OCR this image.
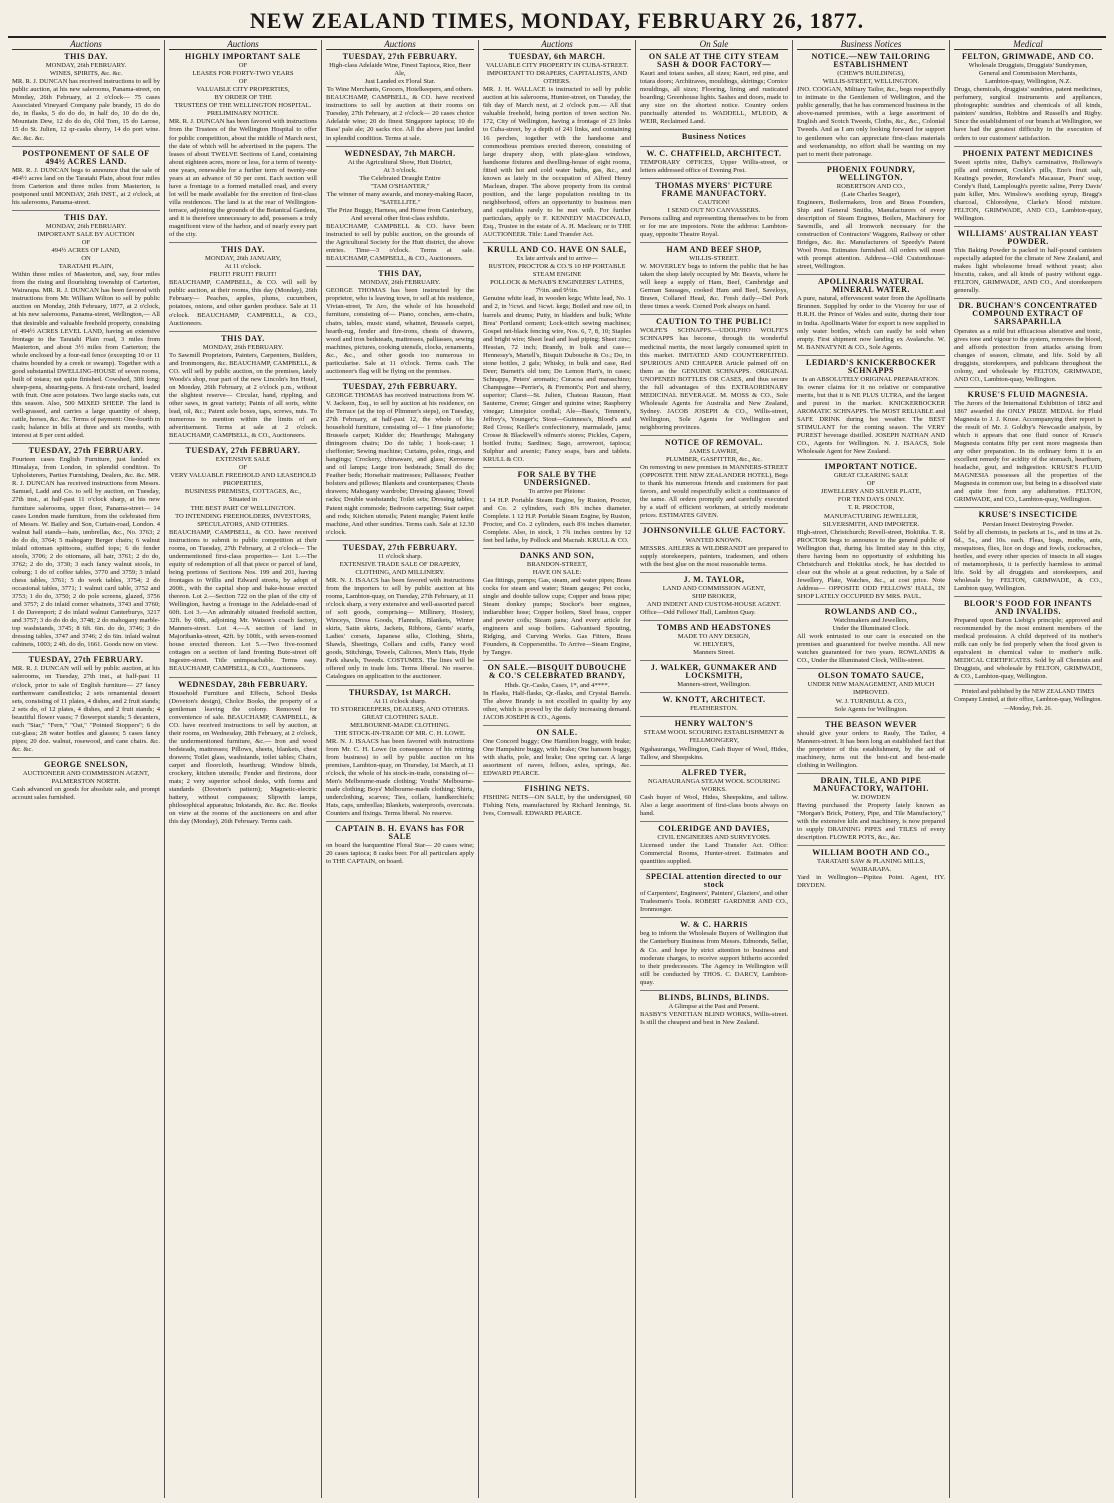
NEW ZEALAND TIMES, MONDAY, FEBRUARY 26, 1877.
Auctions
THIS DAY.
MONDAY, 26th FEBRUARY.
WINES, SPIRITS, &c. &c.
MR. R. J. DUNCAN has received instructions to sell by public auction, at his new salerooms, Panama-street, on Monday, 26th February, at 2 o'clock— 75 cases Associated Vineyard Company pale brandy, 15 do do do, in flasks, 5 do do do, in half do, 10 do do do, Mountain Dew, 12 do do do, Old Tom, 15 do Larose, 15 do St. Julien, 12 qr-casks sherry, 14 do port wine. &c. &c. &c.
POSTPONEMENT OF SALE OF 494½ ACRES LAND.
MR. R. J. DUNCAN begs to announce that the sale of 494½ acres land on the Taratahi Plain, about four miles from Carterton and three miles from Masterton, is postponed until MONDAY, 26th INST., at 2 o'clock, at his salerooms, Panama-street.
THIS DAY.
MONDAY, 26th FEBRUARY.
IMPORTANT SALE BY AUCTION
OF
494½ ACRES OF LAND,
ON
TARATAHI PLAIN,
Within three miles of Masterton, and, say, four miles from the rising and flourishing township of Carterton, Wairarapa. MR. R. J. DUNCAN has been favored with instructions from Mr. William Wilton to sell by public auction on Monday, 26th February, 1877, at 2 o'clock, at his new salerooms, Panama-street, Wellington,— All that desirable and valuable freehold property, consisting of 494½ ACRES LEVEL LAND, having an extensive frontage to the Taratahi Plain road, 3 miles from Masterton, and about 3½ miles from Carterton; the whole enclosed by a four-rail fence (excepting 10 or 11 chains bounded by a creek or swamp). Together with a good substantial DWELLING-HOUSE of seven rooms, built of totara; not quite finished. Cowshed, 30ft long; sheep-pens, shearing-pens. A first-rate orchard, loaded with fruit. One acre potatoes. Two large stacks oats, cut this season. Also, 500 MIXED SHEEP. The land is well-grassed, and carries a large quantity of sheep, cattle, horses, &c. &c. Terms of payment: One-fourth in cash; balance in bills at three and six months, with interest at 8 per cent added.
TUESDAY, 27th FEBRUARY.
Fourteen cases English Furniture, just landed ex Himalaya, from London, in splendid condition. To Upholsterers, Parties Furnishing, Dealers, &c. &c. MR. R. J. DUNCAN has received instructions from Messrs. Samuel, Ladd and Co. to sell by auction, on Tuesday, 27th inst., at half-past 11 o'clock sharp, at his new furniture salerooms, upper floor, Panama-street— 14 cases London made furniture, from the celebrated firm of Messrs. W. Bailey and Son, Curtain-road, London. 4 walnut hall stands—hats, umbrellas, &c., No. 3763; 2 do do do, 3764; 5 mahogany Berger chairs; 6 walnut inlaid ottoman spittoons, stuffed tops; 6 do fender stools, 3706; 2 do ottomans, all hair, 3761; 2 do do, 3762; 2 do do, 3730; 3 each fancy walnut stools, in coburg; 1 do of coffee tables, 3770 and 3759; 3 inlaid chess tables, 3761; 5 do work tables, 3754; 2 do occasional tables, 3771; 1 walnut card table, 3752 and 3753; 1 do do, 3750; 2 do pole screens, glazed, 3756 and 3757; 2 do inlaid corner whatnots, 3743 and 3760; 1 do Davenport; 2 do inlaid walnut Canterburys, 3217 and 3757; 3 do do do do, 3748; 2 do mahogany marble-top washstands, 3745; 8 6ft. 6in. do do, 3746; 3 do dressing tables, 3747 and 3746; 2 do 6in. inlaid walnut cabinets, 1003; 2 4ft. do do, 1661. Goods now on view.
TUESDAY, 27th FEBRUARY.
MR. R. J. DUNCAN will sell by public auction, at his salerooms, on Tuesday, 27th inst., at half-past 11 o'clock, prior to sale of English furniture— 27 fancy earthenware candlesticks; 2 sets ornamental dessert sets, consisting of 11 plates, 4 dishes, and 2 fruit stands; 2 sets do, of 12 plates, 4 dishes, and 2 fruit stands; 4 beautiful flower vases; 7 flowerpot stands; 5 decanters, each "Star," "Fern," "Oat," "Pointed Stoppers"; 6 do cut-glass; 28 water bottles and glasses; 5 cases fancy pipes; 20 doz. walnut, rosewood, and cane chairs. &c. &c. &c.
GEORGE SNELSON,
AUCTIONEER AND COMMISSION AGENT,
PALMERSTON NORTH.
Cash advanced on goods for absolute sale, and prompt account sales furnished.
Auctions
HIGHLY IMPORTANT SALE
OF
LEASES FOR FORTY-TWO YEARS
OF
VALUABLE CITY PROPERTIES,
BY ORDER OF THE
TRUSTEES OF THE WELLINGTON HOSPITAL.
PRELIMINARY NOTICE.
MR. R. J. DUNCAN has been favored with instructions from the Trustees of the Wellington Hospital to offer for public competition, about the middle of March next, the date of which will be advertised in the papers. The leases of about TWELVE Sections of Land, containing about eighteen acres, more or less, for a term of twenty-one years, renewable for a further term of twenty-one years at an advance of 50 per cent. Each section will have a frontage to a formed metalled road, and every lot will be made available for the erection of first-class villa residences. The land is at the rear of Wellington-terrace, adjoining the grounds of the Botanical Gardens, and it is therefore unnecessary to add, possesses a truly magnificent view of the harbor, and of nearly every part of the city.
THIS DAY.
MONDAY, 26th JANUARY,
At 11 o'clock.
FRUIT! FRUIT! FRUIT!
BEAUCHAMP, CAMPBELL, & CO. will sell by public auction, at their rooms, this day (Monday), 26th February— Peaches, apples, plums, cucumbers, potatoes, onions, and other garden produce. Sale at 11 o'clock. BEAUCHAMP, CAMPBELL, & CO., Auctioneers.
THIS DAY.
MONDAY, 26th FEBRUARY.
To Sawmill Proprietors, Painters, Carpenters, Builders, and Ironmongers, &c. BEAUCHAMP, CAMPBELL, & CO. will sell by public auction, on the premises, lately Woods's shop, rear part of the new Lincoln's Inn Hotel, on Monday, 26th February, at 2 o'clock p.m., without the slightest reserve— Circular, hand, rippling, and other saws, in great variety; Paints of all sorts, white lead, oil, &c.; Patent axle boxes, taps, screws, nuts. To numerous to mention within the limits of an advertisement. Terms at sale at 2 o'clock. BEAUCHAMP, CAMPBELL, & CO., Auctioneers.
TUESDAY, 27th FEBRUARY.
EXTENSIVE SALE
OF
VERY VALUABLE FREEHOLD AND LEASEHOLD PROPERTIES,
BUSINESS PREMISES, COTTAGES, &c.,
Situated in
THE BEST PART OF WELLINGTON.
TO INTENDING FREEHOLDERS, INVESTORS, SPECULATORS, AND OTHERS.
BEAUCHAMP, CAMPBELL, & CO. have received instructions to submit to public competition at their rooms, on Tuesday, 27th February, at 2 o'clock— The undermentioned first-class properties— Lot 1.—The equity of redemption of all that piece or parcel of land, being portions of Sections Nos. 199 and 201, having frontages to Willis and Edward streets, by adopt of 200ft., with the capital shop and bake-house erected thereon. Lot 2.—Section 722 on the plan of the city of Wellington, having a frontage to the Adelaide-road of 60ft. Lot 3.—An admirably situated freehold section, 32ft. by 60ft., adjoining Mr. Watson's coach factory, Manners-street. Lot 4.—A section of land in Majoribanks-street, 42ft. by 100ft., with seven-roomed house erected thereon. Lot 5.—Two five-roomed cottages on a section of land fronting Bute-street off Ingestre-street. Title unimpeachable. Terms easy. BEAUCHAMP, CAMPBELL, & CO., Auctioneers.
WEDNESDAY, 28th FEBRUARY.
Household Furniture and Effects, School Desks (Doveton's design), Cholce Books, the property of a gentleman leaving the colony. Removed for convenience of sale. BEAUCHAMP, CAMPBELL, & CO. have received instructions to sell by auction, at their rooms, on Wednesday, 28th February, at 2 o'clock, the undermentioned furniture, &c.— Iron and wood bedsteads, mattresses; Pillows, sheets, blankets, chest drawers; Toilet glass, washstands, toilet tables; Chairs, carpet and floorcloth, hearthrug; Window blinds, crockery, kitchen utensils; Fender and fireirons, door mats; 2 very superior school desks, with forms and standards (Doveton's pattern); Magnetic-electric battery, without compasses; Slipwith lamps, philosophical apparatus; Inkstands, &c. &c. &c. Books on view at the rooms of the auctioneers on and after this day (Monday), 26th February. Terms cash.
Auctions
TUESDAY, 27th FEBRUARY.
High-class Adelaide Wine, Finest Tapioca, Rice, Beer Ale,
Just Landed ex Floral Star.
To Wine Merchants, Grocers, Hotelkeepers, and others.
BEAUCHAMP, CAMPBELL, & CO. have received instructions to sell by auction at their rooms on Tuesday, 27th February, at 2 o'clock— 20 cases choice Adelaide wine; 20 do finest Singapore tapioca; 10 do Bass' pale ale; 20 sacks rice. All the above just landed in splendid condition. Terms at sale.
WEDNESDAY, 7th MARCH.
At the Agricultural Show, Hutt District,
At 3 o'clock.
The Celebrated Draught Entire
"TAM O'SHANTER,"
The winner of many awards, and money-making Racer,
"SATELLITE."
The Prize Buggy, Harness, and Horse from Canterbury,
And several other first-class exhibits.
BEAUCHAMP, CAMPBELL & CO. have been instructed to sell by public auction, on the grounds of the Agricultural Society for the Hutt district, the above entries. Time—3 o'clock. Terms at sale. BEAUCHAMP, CAMPBELL, & CO., Auctioneers.
THIS DAY,
MONDAY, 26th FEBRUARY.
GEORGE THOMAS has been instructed by the proprietor, who is leaving town, to sell at his residence, Vivian-street, Te Aro, the whole of his household furniture, consisting of— Piano, conches, arm-chairs, chairs, tables, music stand, whatnot, Brussels carpet, hearth-rug, fender and fire-irons, chests of drawers, wood and iron bedsteads, mattresses, palliasses, sewing machines, pictures, cooking utensils, clocks, ornaments, &c., &c., and other goods too numerous to particularise. Sale at 11 o'clock. Terms cash. The auctioneer's flag will be flying on the premises.
TUESDAY, 27th FEBRUARY.
GEORGE THOMAS has received instructions from W. V. Jackson, Esq., to sell by auction at his residence, on the Terrace (at the top of Plimmer's steps), on Tuesday, 27th February, at half-past 12, the whole of his household furniture, consisting of— 1 fine pianoforte; Brussels carpet; Kidder do; Hearthrugs; Mahogany diningroom chairs; Do do table; 1 book-case; 1 cheffonier; Sewing machine; Curtains, poles, rings, and hangings; Crockery, chinaware, and glass; Kerosene and oil lamps; Large iron bedsteads; Small do do; Feather beds; Horsehair mattresses; Palliasses; Feather bolsters and pillows; Blankets and counterpanes; Chests drawers; Mahogany wardrobe; Dressing glasses; Towel racks; Double washstands; Toilet sets; Dressing tables; Patent night commode; Bedroom carpeting; Stair carpet and rods; Kitchen utensils; Patent mangle; Patent knife machine, And other sundries. Terms cash. Sale at 12.30 o'clock.
TUESDAY, 27th FEBRUARY.
11 o'clock sharp.
EXTENSIVE TRADE SALE OF DRAPERY, CLOTHING, AND MILLINERY.
MR. N. J. ISAACS has been favored with instructions from the importers to sell by public auction at his rooms, Lambton-quay, on Tuesday, 27th February, at 11 o'clock sharp, a very extensive and well-assorted parcel of soft goods, comprising— Millinery, Hosiery, Winceys, Dress Goods, Flannels, Blankets, Winter skirts, Satin skirts, Jackets, Ribbons, Gents' scarfs, Ladies' corsets, Japanese silks, Clothing, Shirts, Shawls, Sheetings, Collars and cuffs, Fancy wool goods, Stitchings, Towels, Calicoes, Men's Hats, Hyde Park shawls, Tweeds. COSTUMES. The lines will be offered only in trade lots. Terms liberal. No reserve. Catalogues on application to the auctioneer.
THURSDAY, 1st MARCH.
At 11 o'clock sharp.
TO STOREKEEPERS, DEALERS, AND OTHERS.
GREAT CLOTHING SALE.
MELBOURNE-MADE CLOTHING.
THE STOCK-IN-TRADE OF MR. C. H. LOWE.
MR. N. J. ISAACS has been favored with instructions from Mr. C. H. Lowe (in consequence of his retiring from business) to sell by public auction on his premises, Lambton-quay, on Thursday, 1st March, at 11 o'clock, the whole of his stock-in-trade, consisting of— Men's Melbourne-made clothing; Youths' Melbourne-made clothing; Boys' Melbourne-made clothing; Shirts, underclothing, scarves; Ties, collars, handkerchiefs; Hats, caps, umbrellas; Blankets, waterproofs, overcoats. Counters and fixings. Terms liberal. No reserve.
CAPTAIN B. H. EVANS has FOR SALE
on board the barquentine Floral Star— 20 cases wine; 20 cases tapioca; 8 casks beer. For all particulars apply to THE CAPTAIN, on board.
Auctions
TUESDAY, 6th MARCH.
VALUABLE CITY PROPERTY IN CUBA-STREET.
IMPORTANT TO DRAPERS, CAPITALISTS, AND OTHERS.
MR. J. H. WALLACE is instructed to sell by public auction at his salerooms, Hunter-street, on Tuesday, the 6th day of March next, at 2 o'clock p.m.— All that valuable freehold, being portion of town section No. 172, City of Wellington, having a frontage of 23 links to Cuba-street, by a depth of 241 links, and containing 16 perches, together with the handsome and commodious premises erected thereon, consisting of large drapery shop, with plate-glass windows, handsome fixtures and dwelling-house of eight rooms, fitted with hot and cold water baths, gas, &c., and known as lately in the occupation of Alfred Henry Maclean, draper. The above property from its central position, and the large population residing in its neighborhood, offers an opportunity to business men and capitalists rarely to be met with. For further particulars, apply to F. KENNEDY MACDONALD, Esq., Trustee in the estate of A. H. Maclean; or to THE AUCTIONEER. Title: Land Transfer Act.
KRULL AND CO. HAVE ON SALE,
Ex late arrivals and to arrive—
RUSTON, PROCTOR & CO.'S 10 HP PORTABLE STEAM ENGINE
POLLOCK & McNAB'S ENGINEERS' LATHES, 7½in. and 9½in.
Genuine white lead, in wooden kegs; White lead, No. 1 and 2, in ½cwt. and ¼cwt. kegs; Boiled and raw oil, in barrels and drums; Putty, in bladders and bulk; White Brea' Portland cement; Lock-stitch sewing machines; Gospel net-black fencing wire, Nos. 6, 7, 8, 10; Staples and bright wire; Sheet lead and lead piping; Sheet zinc; Hessian, 72 inch; Brandy, in bulk and case—Hennessy's, Martell's, Bisquit Dubouche & Co.; Do, in stone bottles, 2 gals; Whisky, in bulk and case, Red Deer; Burnett's old tom; Do Lemon Hart's, in cases; Schnapps, Peters' aromatic; Curacoa and maraschino; Champagne—Perrier's, & Fremont's; Port and sherry, superior; Claret—St. Julien, Chateau Rauzan, Haut Sauterne, Creme; Ginger and quinine wine; Raspberry vinegar; Limejuice cordial; Ale—Bass's, Tennent's, Jeffrey's, Younger's; Stout—Guinness's, Blood's and Red Cross; Keiller's confectionery, marmalade, jams; Crosse & Blackwell's oilmen's stores; Pickles, Capers, bottled fruits; Sardines; Sago, arrowroot, tapioca; Sulphur and arsenic; Fancy soaps, bars and tablets. KRULL & CO.
FOR SALE BY THE UNDERSIGNED.
To arrive per Pleione:
1 14 H.P. Portable Steam Engine, by Ruston, Proctor, and Co. 2 cylinders, each 8⅜ inches diameter. Complete. 1 12 H.P. Portable Steam Engine, by Ruston, Proctor, and Co. 2 cylinders, each 8⅜ inches diameter. Complete. Also, in stock, 1 7¾ inches centres by 12 feet bed lathe, by Pollock and Macnab. KRULL & CO.
DANKS AND SON,
BRANDON-STREET,
HAVE ON SALE:
Gas fittings, pumps; Gas, steam, and water pipes; Brass cocks for steam and water; Steam gauges; Pet cocks, single and double tallow cups; Copper and brass pipe; Steam donkey pumps; Stockor's beer engines, indiarubber hose; Copper boilers, Steel brass, copper and pewter coils; Steam pans; And every article for engineers and soap boilers. Galvanised Spouting, Ridging, and Curving Works. Gas Fitters, Brass Founders, & Coppersmiths. To Arrive—Steam Engine, by Tangye.
ON SALE.—BISQUIT DUBOUCHE & CO.'S CELEBRATED BRANDY,
Hhds. Qr.-Casks, Cases, 1*, and 4****.
In Flasks, Half-flasks, Qr.-flasks, and Crystal Barrels. The above Brandy is not excelled in quality by any other, which is proved by the daily increasing demand. JACOB JOSEPH & CO., Agents.
ON SALE.
One Concord buggy; One Hamilton buggy, with brake; One Hampshire buggy, with brake; One hansom buggy, with shafts, pole, and brake; One spring car. A large assortment of naves, felloes, axles, springs, &c. EDWARD PEARCE.
FISHING NETS.
FISHING NETS—ON SALE, by the undersigned, 60 Fishing Nets, manufactured by Richard Jennings, St. Ives, Cornwall. EDWARD PEARCE.
On Sale
ON SALE AT THE CITY STEAM SASH & DOOR FACTORY—
Kauri and totara sashes, all sizes; Kauri, red pine, and totara doors; Architraves, mouldings, skirtings; Cornice mouldings, all sizes; Flooring, lining and rusticated boarding; Greenhouse lights. Sashes and doors, made to any size on the shortest notice. Country orders punctually attended to. WADDELL, M'LEOD, & WEIR, Reclaimed Land.
Business Notices
W. C. CHATFIELD, ARCHITECT.
TEMPORARY OFFICES, Upper Willis-street, or letters addressed office of Evening Post.
THOMAS MYERS' PICTURE FRAME MANUFACTORY.
CAUTION!
I SEND OUT NO CANVASSERS.
Persons calling and representing themselves to be from or for me are impostors. Note the address: Lambton-quay, opposite Theatre Royal.
HAM AND BEEF SHOP,
WILLIS-STREET.
W. MOVERLEY begs to inform the public that he has taken the shop lately occupied by Mr. Beavis, where he will keep a supply of Ham, Beef, Cambridge and German Sausages, cooked Ham and Beef, Saveloys, Brawn, Collared Head, &c. Fresh daily—Del Pork three times a week. Corned Pork always on hand.
CAUTION TO THE PUBLIC!
WOLFE'S SCHNAPPS.—UDOLPHO WOLFE'S SCHNAPPS has become, through its wonderful medicinal merits, the most largely consumed spirit in this market. IMITATED AND COUNTERFEITED. SPURIOUS AND CHEAPER Article palmed off on them as the GENUINE SCHNAPPS. ORIGINAL UNOPENED BOTTLES OR CASES, and thus secure the full advantages of this EXTRAORDINARY MEDICINAL BEVERAGE. M. MOSS & CO., Sole Wholesale Agents for Australia and New Zealand, Sydney. JACOB JOSEPH & CO., Willis-street, Wellington, Sole Agents for Wellington and neighboring provinces.
NOTICE OF REMOVAL.
JAMES LAWRIE,
PLUMBER, GASFITTER, &c., &c.
On removing to new premises in MANNERS-STREET (OPPOSITE THE NEW ZEALANDER HOTEL), Begs to thank his numerous friends and customers for past favors, and would respectfully solicit a continuance of the same. All orders promptly and carefully executed by a staff of efficient workmen, at strictly moderate prices. ESTIMATES GIVEN.
JOHNSONVILLE GLUE FACTORY.
WANTED KNOWN.
MESSRS. AHLERS & WILDBRANDT are prepared to supply storekeepers, painters, tradesmen, and others with the best glue on the most reasonable terms.
J. M. TAYLOR,
LAND AND COMMISSION AGENT,
SHIP BROKER,
AND INDENT AND CUSTOM-HOUSE AGENT.
Office—Odd Fellows' Hall, Lambton Quay.
TOMBS AND HEADSTONES
MADE TO ANY DESIGN,
W. HELYER'S,
Manners Street.
J. WALKER, GUNMAKER AND LOCKSMITH,
Manners-street, Wellington.
W. KNOTT, ARCHITECT.
FEATHERSTON.
HENRY WALTON'S
STEAM WOOL SCOURING ESTABLISHMENT & FELLMONGERY,
Ngahauranga, Wellington, Cash Buyer of Wool, Hides, Tallow, and Sheepskins.
ALFRED TYER,
NGAHAURANGA STEAM WOOL SCOURING WORKS.
Cash buyer of Wool, Hides, Sheepskins, and tallow. Also a large assortment of first-class boots always on hand.
COLERIDGE AND DAVIES,
CIVIL ENGINEERS AND SURVEYORS.
Licensed under the Land Transfer Act. Office: Commercial Rooms, Hunter-street. Estimates and quantities supplied.
SPECIAL attention directed to our stock
of Carpenters', Engineers', Painters', Glaziers', and other Tradesmen's Tools. ROBERT GARDNER AND CO., Ironmonger.
W. & C. HARRIS
beg to inform the Wholesale Buyers of Wellington that the Canterbury Business from Messrs. Edmonds, Sellar, & Co. and hope by strict attention to business and moderate charges, to receive support hitherto accorded to their predecessors. The Agency in Wellington will still be conducted by THOS. C. DARCY, Lambton-quay.
BLINDS, BLINDS, BLINDS.
A Glimpse at the Past and Present.
BASBY'S VENETIAN BLIND WORKS, Willis-street. Is still the cheapest and best in New Zealand.
Business Notices
NOTICE.—NEW TAILORING ESTABLISHMENT
(CHEW'S BUILDINGS),
WILLIS-STREET, WELLINGTON.
JNO. COOGAN, Military Tailor, &c., begs respectfully to intimate to the Gentlemen of Wellington, and the public generally, that he has commenced business in the above-named premises, with a large assortment of English and Scotch Tweeds, Cloths, &c., &c., Colonial Tweeds. And as I am only looking forward for support to gentlemen who can appreciate first-class materials and workmanship, no effort shall be wanting on my part to merit their patronage.
PHOENIX FOUNDRY, WELLINGTON.
ROBERTSON AND CO.,
(Late Charles Seager),
Engineers, Boilermakers, Iron and Brass Founders, Ship and General Smiths, Manufacturers of every description of Steam Engines, Boilers, Machinery for Sawmills, and all Ironwork necessary for the construction of Contractors' Waggons, Railway or other Bridges, &c. &c. Manufacturers of Speedy's Patent Wool Press. Estimates furnished. All orders will meet with prompt attention. Address—Old Customhouse-street, Wellington.
APOLLINARIS NATURAL MINERAL WATER.
A pure, natural, effervescent water from the Apollinaris Brunnen. Supplied by order to the Viceroy for use of H.R.H. the Prince of Wales and suite, during their tour in India. Apollinaris Water for export is now supplied in only water bottles, which can easily be sold when empty. First shipment now landing ex Avalanche. W. M. BANNATYNE & CO., Sole Agents.
LEDIARD'S KNICKERBOCKER SCHNAPPS
Is an ABSOLUTELY ORIGINAL PREPARATION.
Its owner claims for it no relative or comparative merits, but that it is NE PLUS ULTRA, and the largest and purest in the market. KNICKERBOCKER AROMATIC SCHNAPPS. The MOST RELIABLE and SAFE DRINK during hot weather. The BEST STIMULANT for the coming season. The VERY PUREST beverage distilled. JOSEPH NATHAN AND CO., Agents for Wellington. N. J. ISAACS, Sole Wholesale Agent for New Zealand.
IMPORTANT NOTICE.
GREAT CLEARING SALE
OF
JEWELLERY AND SILVER PLATE,
FOR TEN DAYS ONLY.
T. R. PROCTOR,
MANUFACTURING JEWELLER,
SILVERSMITH, AND IMPORTER.
High-street, Christchurch; Revell-street, Hokitika. T. R. PROCTOR begs to announce to the general public of Wellington that, during his limited stay in this city, there having been no opportunity of exhibiting his Christchurch and Hokitika stock, he has decided to clear out the whole at a great reduction, by a Sale of Jewellery, Plate, Watches, &c., at cost price. Note Address— OPPOSITE ODD FELLOWS' HALL, IN SHOP LATELY OCCUPIED BY MRS. PAUL.
ROWLANDS AND CO.,
Watchmakers and Jewellers,
Under the Illuminated Clock.
All work entrusted to our care is executed on the premises and guaranteed for twelve months. All new watches guaranteed for two years. ROWLANDS & CO., Under the Illuminated Clock, Willis-street.
OLSON TOMATO SAUCE,
UNDER NEW MANAGEMENT, AND MUCH IMPROVED.
W. J. TURNBULL & CO.,
Sole Agents for Wellington.
THE BEASON WEVER
should give your orders to Rauly, The Tailor, 4 Manners-street. It has been long an established fact that the proprietor of this establishment, by the aid of machinery, turns out the best-cut and best-made clothing in Wellington.
DRAIN, TILE, AND PIPE MANUFACTORY, WAITOHI.
W. DOWDEN
Having purchased the Property lately known as "Morgan's Brick, Pottery, Pipe, and Tile Manufactory," with the extensive kiln and machinery, is now prepared to supply DRAINING PIPES and TILES of every description. FLOWER POTS, &c., &c.
WILLIAM BOOTH AND CO.,
TARATAHI SAW & PLANING MILLS, WAIRARAPA.
Yard in Wellington—Pipitea Point. Agent, HY. DRYDEN.
Medical
FELTON, GRIMWADE, AND CO.
Wholesale Druggists, Druggists' Sundrymen,
General and Commission Merchants,
Lambton-quay, Wellington, N.Z.
Drugs, chemicals, druggists' sundries, patent medicines, perfumery, surgical instruments and appliances, photographic sundries and chemicals of all kinds, painters' sundries, Robbins and Russell's and Rigby. Since the establishment of our branch at Wellington, we have had the greatest difficulty in the execution of orders to our customers' satisfaction.
PHOENIX PATENT MEDICINES
Sweet spirits nitre, Dalby's carminative, Holloway's pills and ointment, Cockle's pills, Eno's fruit salt, Keating's powder, Rowland's Macassar, Pears' soap, Condy's fluid, Lamplough's pyretic saline, Perry Davis' pain killer, Mrs. Winslow's soothing syrup, Bragg's charcoal, Chlorodyne, Clarke's blood mixture. FELTON, GRIMWADE, AND CO., Lambton-quay, Wellington.
WILLIAMS' AUSTRALIAN YEAST POWDER.
This Baking Powder is packed in half-pound canisters especially adapted for the climate of New Zealand, and makes light wholesome bread without yeast; also biscuits, cakes, and all kinds of pastry without eggs. FELTON, GRIMWADE, AND CO., And storekeepers generally.
DR. BUCHAN'S CONCENTRATED COMPOUND EXTRACT OF SARSAPARILLA
Operates as a mild but efficacious alterative and tonic, gives tone and vigour to the system, removes the blood, and affords protection from attacks arising from changes of season, climate, and life. Sold by all druggists, storekeepers, and publicans throughout the colony, and wholesale by FELTON, GRIMWADE, AND CO., Lambton-quay, Wellington.
KRUSE'S FLUID MAGNESIA.
The Jurors of the International Exhibition of 1862 and 1867 awarded the ONLY PRIZE MEDAL for Fluid Magnesia to J. J. Kruse. Accompanying their report is the result of Mr. J. Goldby's Newcastle analysis, by which it appears that one fluid ounce of Kruse's Magnesia contains fifty per cent more magnesia than any other preparation. In its ordinary form it is an excellent remedy for acidity of the stomach, heartburn, headache, gout, and indigestion. KRUSE'S FLUID MAGNESIA possesses all the properties of the Magnesia in common use, but being in a dissolved state and quite free from any adulteration. FELTON, GRIMWADE, and CO., Lambton-quay, Wellington.
KRUSE'S INSECTICIDE
Persian Insect Destroying Powder.
Sold by all chemists, in packets at 1s., and in tins at 2s. 6d., 5s., and 10s. each. Fleas, bugs, moths, ants, mosquitoes, flies, lice on dogs and fowls, cockroaches, beetles, and every other species of insects in all stages of metamorphosis, it is perfectly harmless to animal life. Sold by all druggists and storekeepers, and wholesale by FELTON, GRIMWADE, & CO., Lambton quay, Wellington.
BLOOR'S FOOD FOR INFANTS AND INVALIDS.
Prepared upon Baron Liebig's principle; approved and recommended by the most eminent members of the medical profession. A child deprived of its mother's milk can only be fed properly when the food given is equivalent in chemical value to mother's milk. MEDICAL CERTIFICATES. Sold by all Chemists and Druggists, and wholesale by FELTON, GRIMWADE, & CO., Lambton-quay, Wellington.
Printed and published by the NEW ZEALAND TIMES Company Limited, at their office, Lambton-quay, Wellington.—Monday, Feb. 26.
